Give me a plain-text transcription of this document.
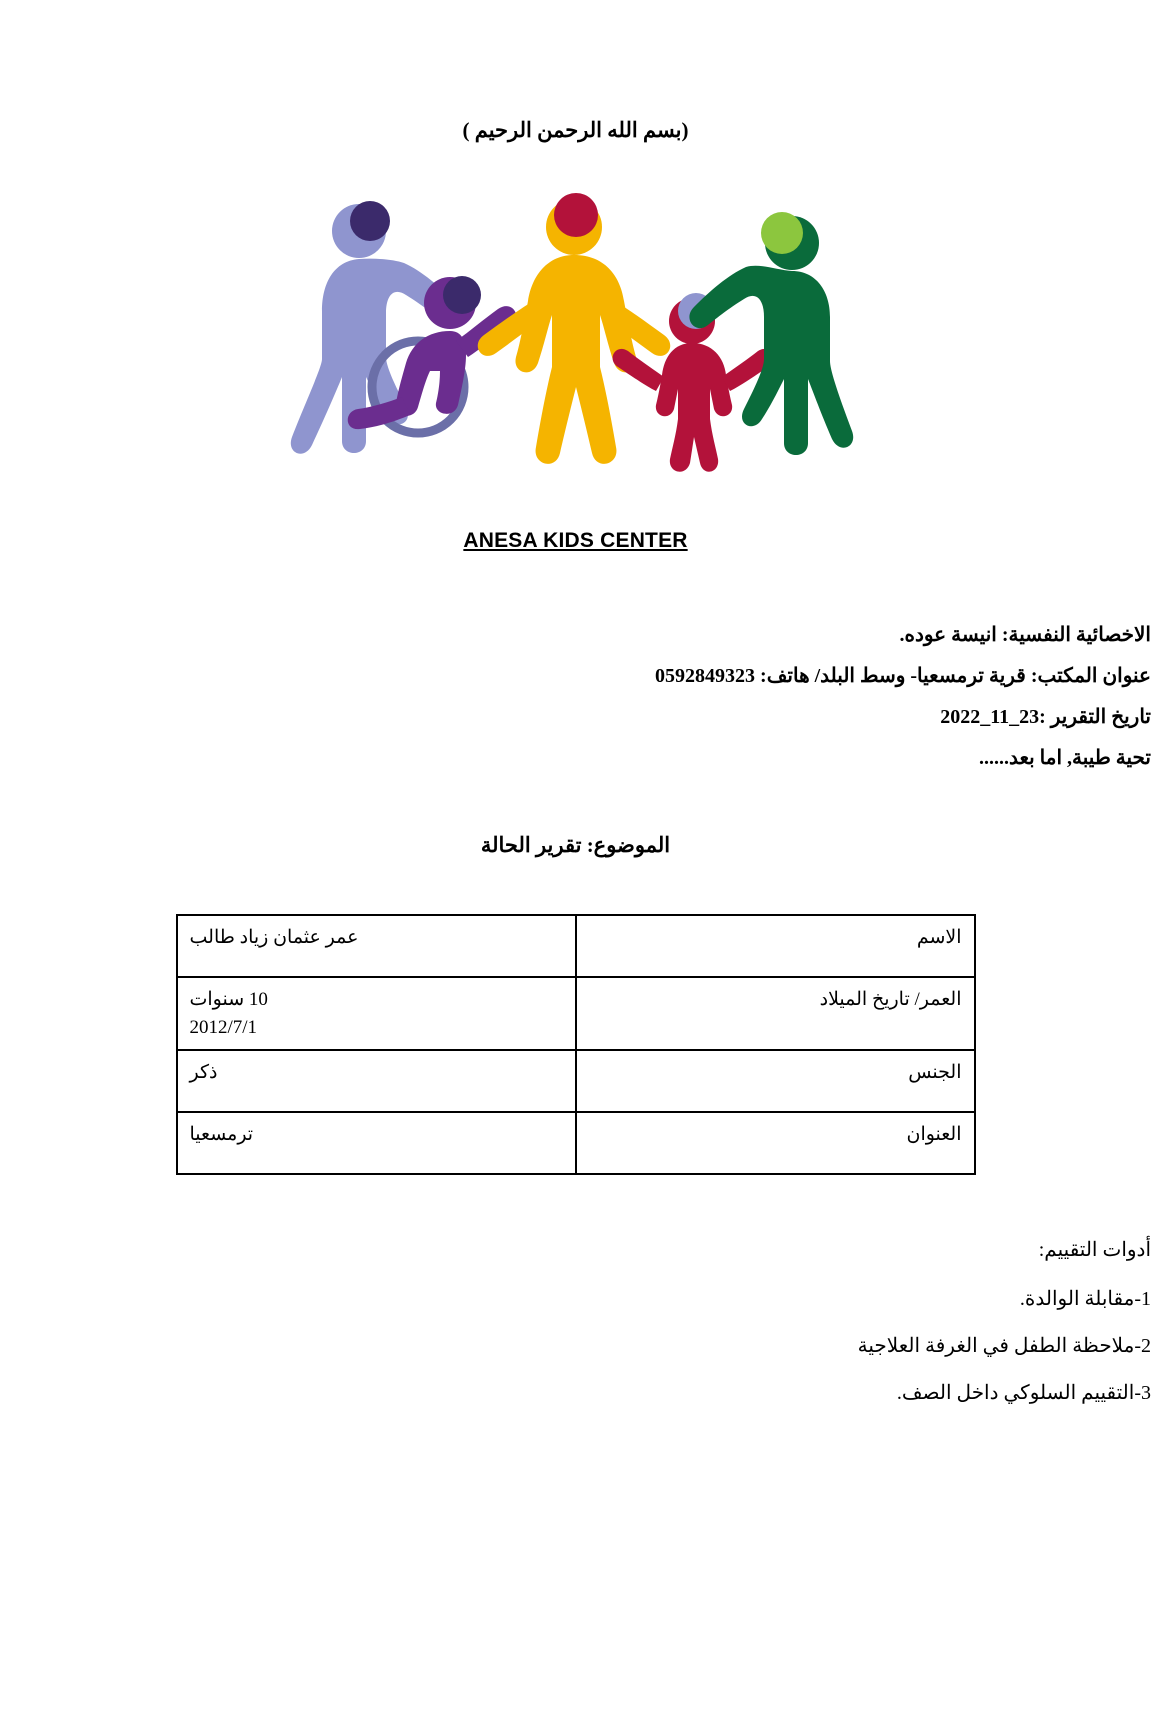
(بسم الله الرحمن الرحيم )
ANESA KIDS CENTER
الاخصائية النفسية: انيسة عوده.
عنوان المكتب: قرية ترمسعيا- وسط البلد/ هاتف: 0592849323
تاريخ التقرير :23_11_2022
تحية طيبة, اما بعد......
الموضوع: تقرير الحالة
الاسم	عمر عثمان زياد طالب

العمر/ تاريخ الميلاد	10 سنوات
2012/7/1

الجنس	ذكر

العنوان	ترمسعيا
أدوات التقييم:
1-مقابلة الوالدة.
2-ملاحظة الطفل في الغرفة العلاجية
3-التقييم السلوكي داخل الصف.
